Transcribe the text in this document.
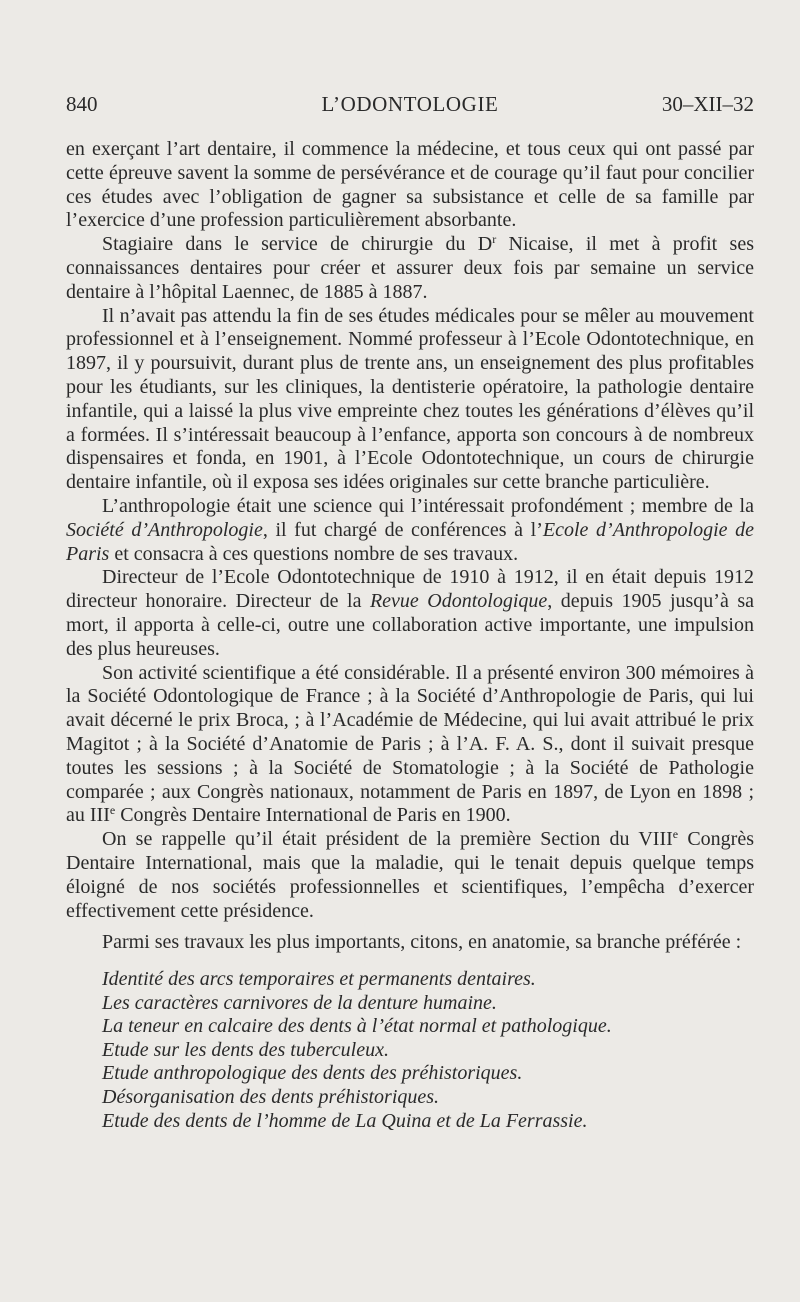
840	L’ODONTOLOGIE	30–XII–32

en exerçant l’art dentaire, il commence la médecine, et tous ceux qui ont passé par cette épreuve savent la somme de persévérance et de courage qu’il faut pour concilier ces études avec l’obligation de gagner sa subsistance et celle de sa famille par l’exercice d’une profession particulièrement absorbante.

Stagiaire dans le service de chirurgie du $D^r$ Nicaise, il met à profit ses connaissances dentaires pour créer et assurer deux fois par semaine un service dentaire à l’hôpital Laennec, de 1885 à 1887.

Il n’avait pas attendu la fin de ses études médicales pour se mêler au mouvement professionnel et à l’enseignement. Nommé professeur à l’Ecole Odontotechnique, en 1897, il y poursuivit, durant plus de trente ans, un enseignement des plus profitables pour les étudiants, sur les cliniques, la dentisterie opératoire, la pathologie dentaire infantile, qui a laissé la plus vive empreinte chez toutes les générations d’élèves qu’il a formées. Il s’intéressait beaucoup à l’enfance, apporta son concours à de nombreux dispensaires et fonda, en 1901, à l’Ecole Odontotechnique, un cours de chirurgie dentaire infantile, où il exposa ses idées originales sur cette branche particulière.

L’anthropologie était une science qui l’intéressait profondément ; membre de la Société d’Anthropologie, il fut chargé de conférences à l’Ecole d’Anthropologie de Paris et consacra à ces questions nombre de ses travaux.

Directeur de l’Ecole Odontotechnique de 1910 à 1912, il en était depuis 1912 directeur honoraire. Directeur de la Revue Odontologique, depuis 1905 jusqu’à sa mort, il apporta à celle-ci, outre une collaboration active importante, une impulsion des plus heureuses.

Son activité scientifique a été considérable. Il a présenté environ 300 mémoires à la Société Odontologique de France ; à la Société d’Anthropologie de Paris, qui lui avait décerné le prix Broca, ; à l’Académie de Médecine, qui lui avait attribué le prix Magitot ; à la Société d’Anatomie de Paris ; à l’A. F. A. S., dont il suivait presque toutes les sessions ; à la Société de Stomatologie ; à la Société de Pathologie comparée ; aux Congrès nationaux, notamment de Paris en 1897, de Lyon en 1898 ; au IIIe Congrès Dentaire International de Paris en 1900.

On se rappelle qu’il était président de la première Section du VIIIe Congrès Dentaire International, mais que la maladie, qui le tenait depuis quelque temps éloigné de nos sociétés professionnelles et scientifiques, l’empêcha d’exercer effectivement cette présidence.

Parmi ses travaux les plus importants, citons, en anatomie, sa branche préférée :

Identité des arcs temporaires et permanents dentaires.
Les caractères carnivores de la denture humaine.
La teneur en calcaire des dents à l’état normal et pathologique.
Etude sur les dents des tuberculeux.
Etude anthropologique des dents des préhistoriques.
Désorganisation des dents préhistoriques.
Etude des dents de l’homme de La Quina et de La Ferrassie.
